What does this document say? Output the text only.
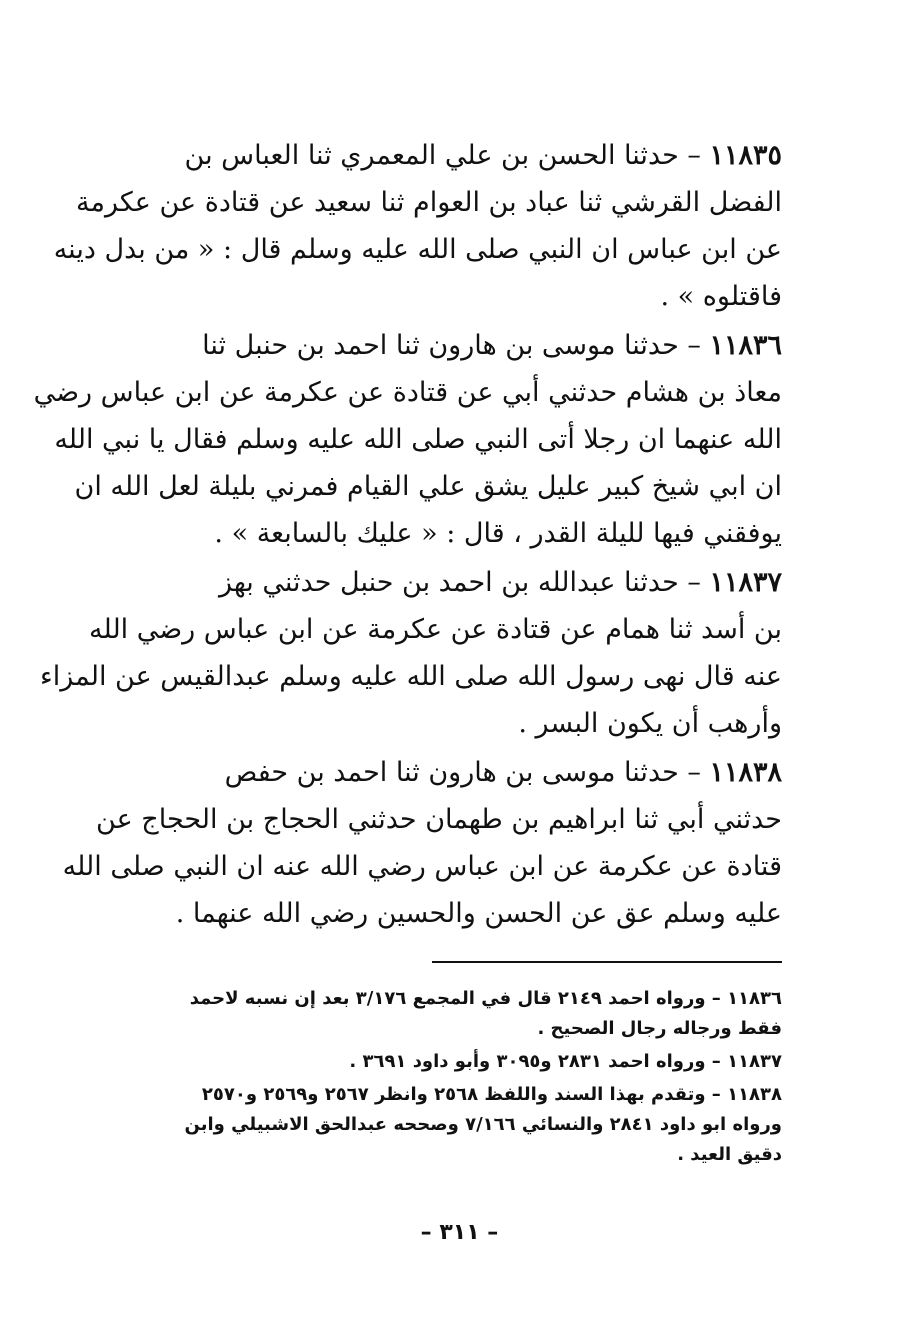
١١٨٣٥ – حدثنا الحسن بن علي المعمري ثنا العباس بن
الفضل القرشي ثنا عباد بن العوام ثنا سعيد عن قتادة عن عكرمة
عن ابن عباس ان النبي صلى الله عليه وسلم قال : « من بدل دينه
فاقتلوه » .
١١٨٣٦ – حدثنا موسى بن هارون ثنا احمد بن حنبل ثنا
معاذ بن هشام حدثني أبي عن قتادة عن عكرمة عن ابن عباس رضي
الله عنهما ان رجلا أتى النبي صلى الله عليه وسلم فقال يا نبي الله
ان ابي شيخ كبير عليل يشق علي القيام فمرني بليلة لعل الله ان
يوفقني فيها لليلة القدر ، قال : « عليك بالسابعة » .
١١٨٣٧ – حدثنا عبدالله بن احمد بن حنبل حدثني بهز
بن أسد ثنا همام عن قتادة عن عكرمة عن ابن عباس رضي الله
عنه قال نهى رسول الله صلى الله عليه وسلم عبدالقيس عن المزاء
وأرهب أن يكون البسر .
١١٨٣٨ – حدثنا موسى بن هارون ثنا احمد بن حفص
حدثني أبي ثنا ابراهيم بن طهمان حدثني الحجاج بن الحجاج عن
قتادة عن عكرمة عن ابن عباس رضي الله عنه ان النبي صلى الله
عليه وسلم عق عن الحسن والحسين رضي الله عنهما .
١١٨٣٦ – ورواه احمد ٢١٤٩ قال في المجمع ٣/١٧٦ بعد إن نسبه لاحمد
فقط ورجاله رجال الصحيح .
١١٨٣٧ – ورواه احمد ٢٨٣١ و٣٠٩٥ وأبو داود ٣٦٩١ .
١١٨٣٨ – وتقدم بهذا السند واللفظ ٢٥٦٨ وانظر ٢٥٦٧ و٢٥٦٩ و٢٥٧٠
ورواه ابو داود ٢٨٤١ والنسائي ٧/١٦٦ وصححه عبدالحق الاشبيلي وابن
دقيق العيد .
– ٣١١ –
